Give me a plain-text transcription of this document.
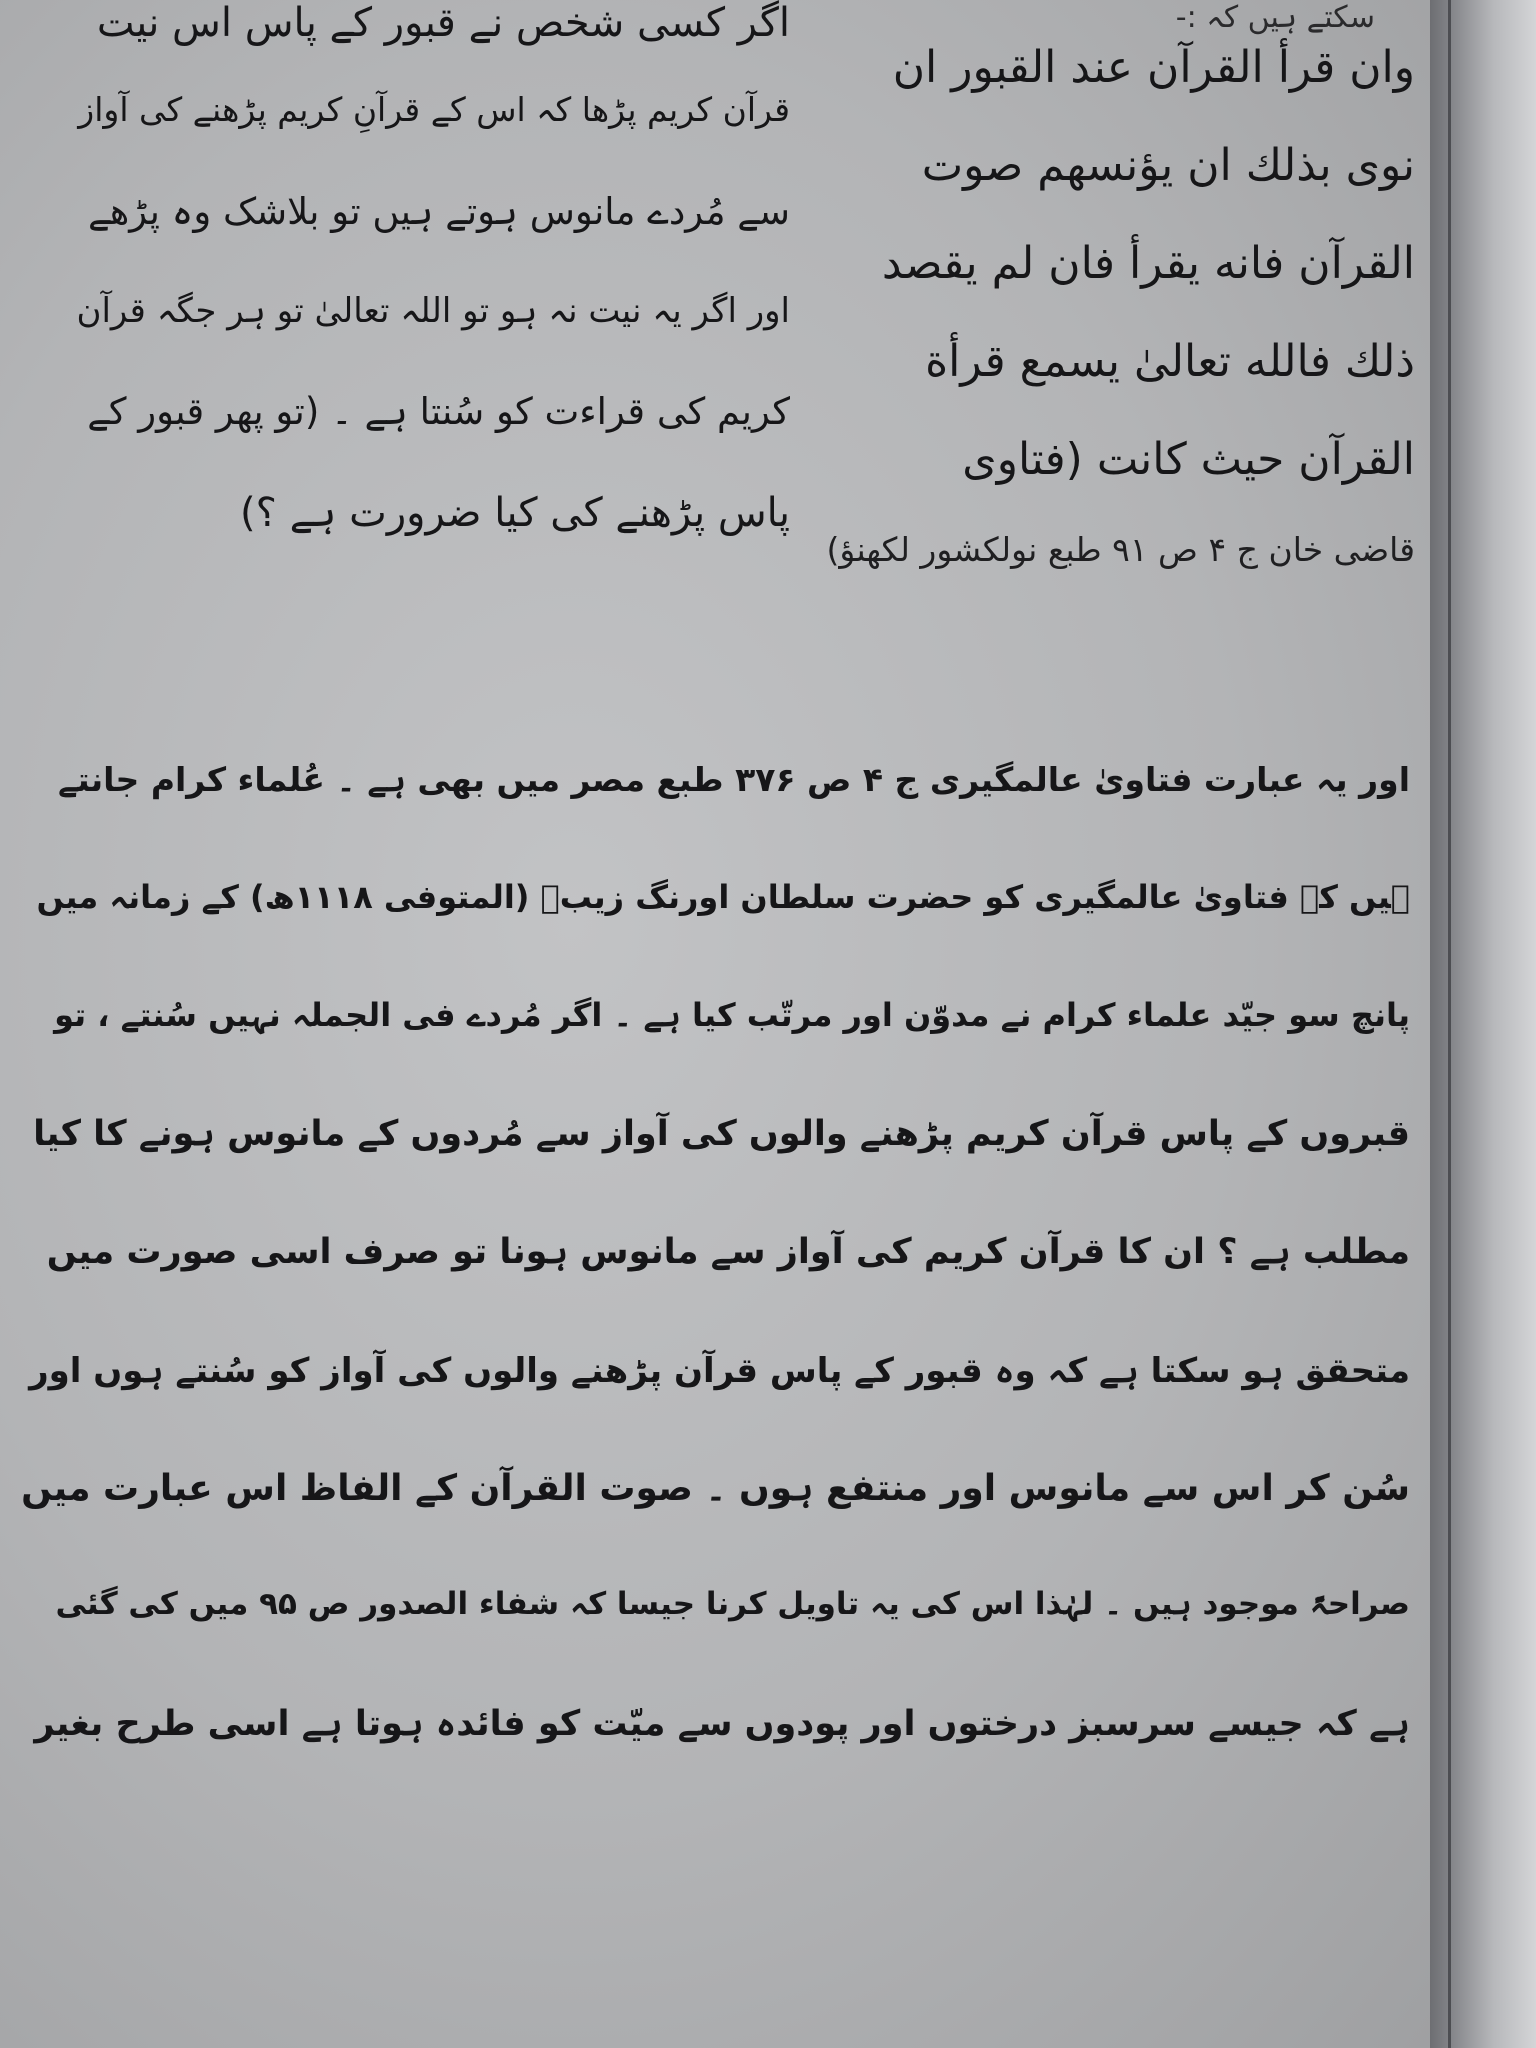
سکتے ہیں کہ :-
وان قرأ القرآن عند القبور ان
نوی بذلك ان یؤنسهم صوت
القرآن فانه یقرأ فان لم یقصد
ذلك فالله تعالیٰ یسمع قرأة
القرآن حیث كانت (فتاوی
قاضی خان ج ۴ ص ۹۱ طبع نولکشور لکھنؤ)
اگر کسی شخص نے قبور کے پاس اس نیت
قرآن کریم پڑھا کہ اس کے قرآنِ کریم پڑھنے کی آواز
سے مُردے مانوس ہوتے ہیں تو بلاشک وہ پڑھے
اور اگر یہ نیت نہ ہو تو اللہ تعالیٰ تو ہر جگہ قرآن
کریم کی قراءت کو سُنتا ہے ۔ (تو پھر قبور کے
پاس پڑھنے کی کیا ضرورت ہے ؟)
اور یہ عبارت فتاویٰ عالمگیری ج ۴ ص ۳۷۶ طبع مصر میں بھی ہے ۔ عُلماء کرام جانتے
ہیں کہ فتاویٰ عالمگیری کو حضرت سلطان اورنگ زیبؒ (المتوفی ۱۱۱۸ھ) کے زمانہ میں
پانچ سو جیّد علماء کرام نے مدوّن اور مرتّب کیا ہے ۔ اگر مُردے فی الجملہ نہیں سُنتے ، تو
قبروں کے پاس قرآن کریم پڑھنے والوں کی آواز سے مُردوں کے مانوس ہونے کا کیا
مطلب ہے ؟ ان کا قرآن کریم کی آواز سے مانوس ہونا تو صرف اسی صورت میں
متحقق ہو سکتا ہے کہ وہ قبور کے پاس قرآن پڑھنے والوں کی آواز کو سُنتے ہوں اور
سُن کر اس سے مانوس اور منتفع ہوں ۔ صوت القرآن کے الفاظ اس عبارت میں
صراحۃً موجود ہیں ۔ لہٰذا اس کی یہ تاویل کرنا جیسا کہ شفاء الصدور ص ۹۵ میں کی گئی
ہے کہ جیسے سرسبز درختوں اور پودوں سے میّت کو فائدہ ہوتا ہے اسی طرح بغیر
